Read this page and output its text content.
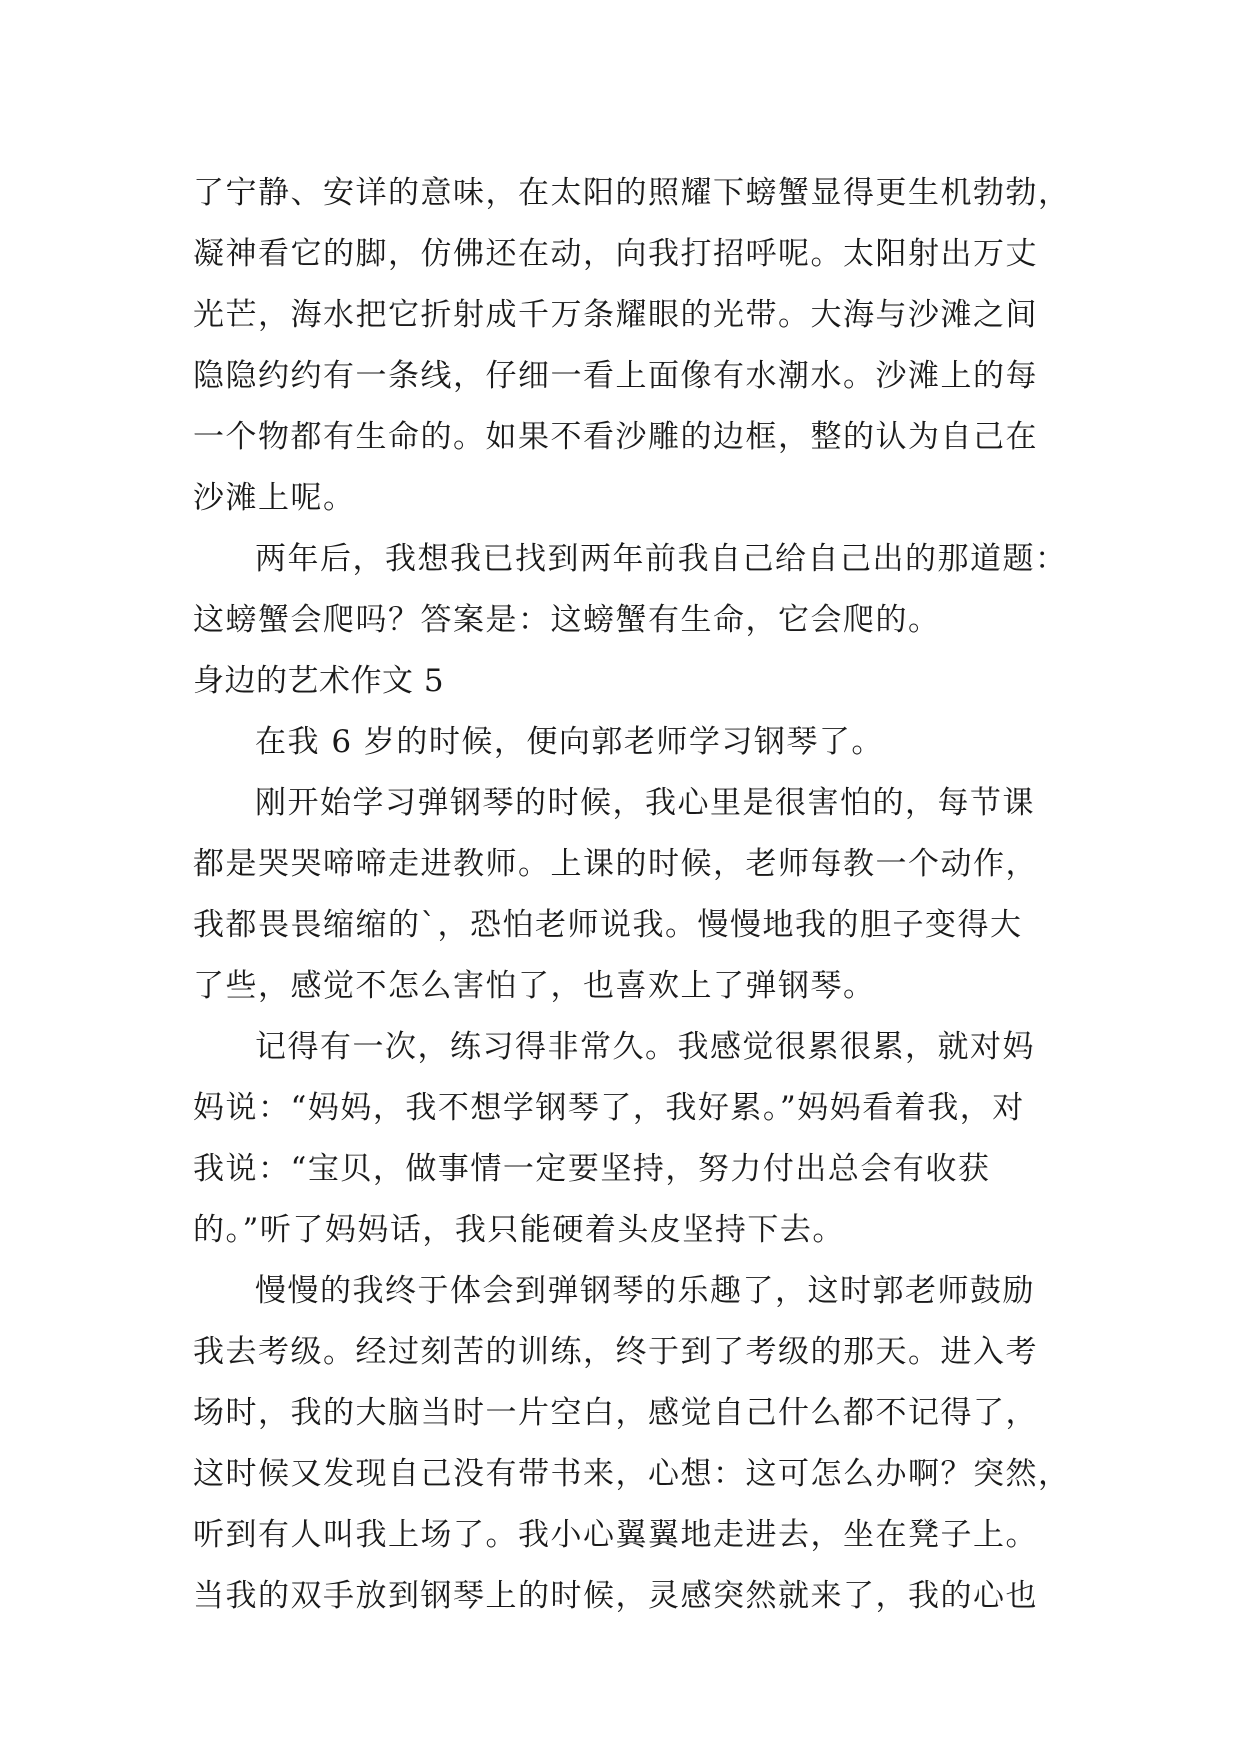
了宁静、安详的意味，在太阳的照耀下螃蟹显得更生机勃勃，
凝神看它的脚，仿佛还在动，向我打招呼呢。太阳射出万丈
光芒，海水把它折射成千万条耀眼的光带。大海与沙滩之间
隐隐约约有一条线，仔细一看上面像有水潮水。沙滩上的每
一个物都有生命的。如果不看沙雕的边框，整的认为自己在
沙滩上呢。
两年后，我想我已找到两年前我自己给自己出的那道题：
这螃蟹会爬吗？答案是：这螃蟹有生命，它会爬的。
身边的艺术作文 5
在我 6 岁的时候，便向郭老师学习钢琴了。
刚开始学习弹钢琴的时候，我心里是很害怕的，每节课
都是哭哭啼啼走进教师。上课的时候，老师每教一个动作，
我都畏畏缩缩的`，恐怕老师说我。慢慢地我的胆子变得大
了些，感觉不怎么害怕了，也喜欢上了弹钢琴。
记得有一次，练习得非常久。我感觉很累很累，就对妈
妈说：“妈妈，我不想学钢琴了，我好累。”妈妈看着我，对
我说：“宝贝，做事情一定要坚持，努力付出总会有收获
的。”听了妈妈话，我只能硬着头皮坚持下去。
慢慢的我终于体会到弹钢琴的乐趣了，这时郭老师鼓励
我去考级。经过刻苦的训练，终于到了考级的那天。进入考
场时，我的大脑当时一片空白，感觉自己什么都不记得了，
这时候又发现自己没有带书来，心想：这可怎么办啊？突然，
听到有人叫我上场了。我小心翼翼地走进去，坐在凳子上。
当我的双手放到钢琴上的时候，灵感突然就来了，我的心也
